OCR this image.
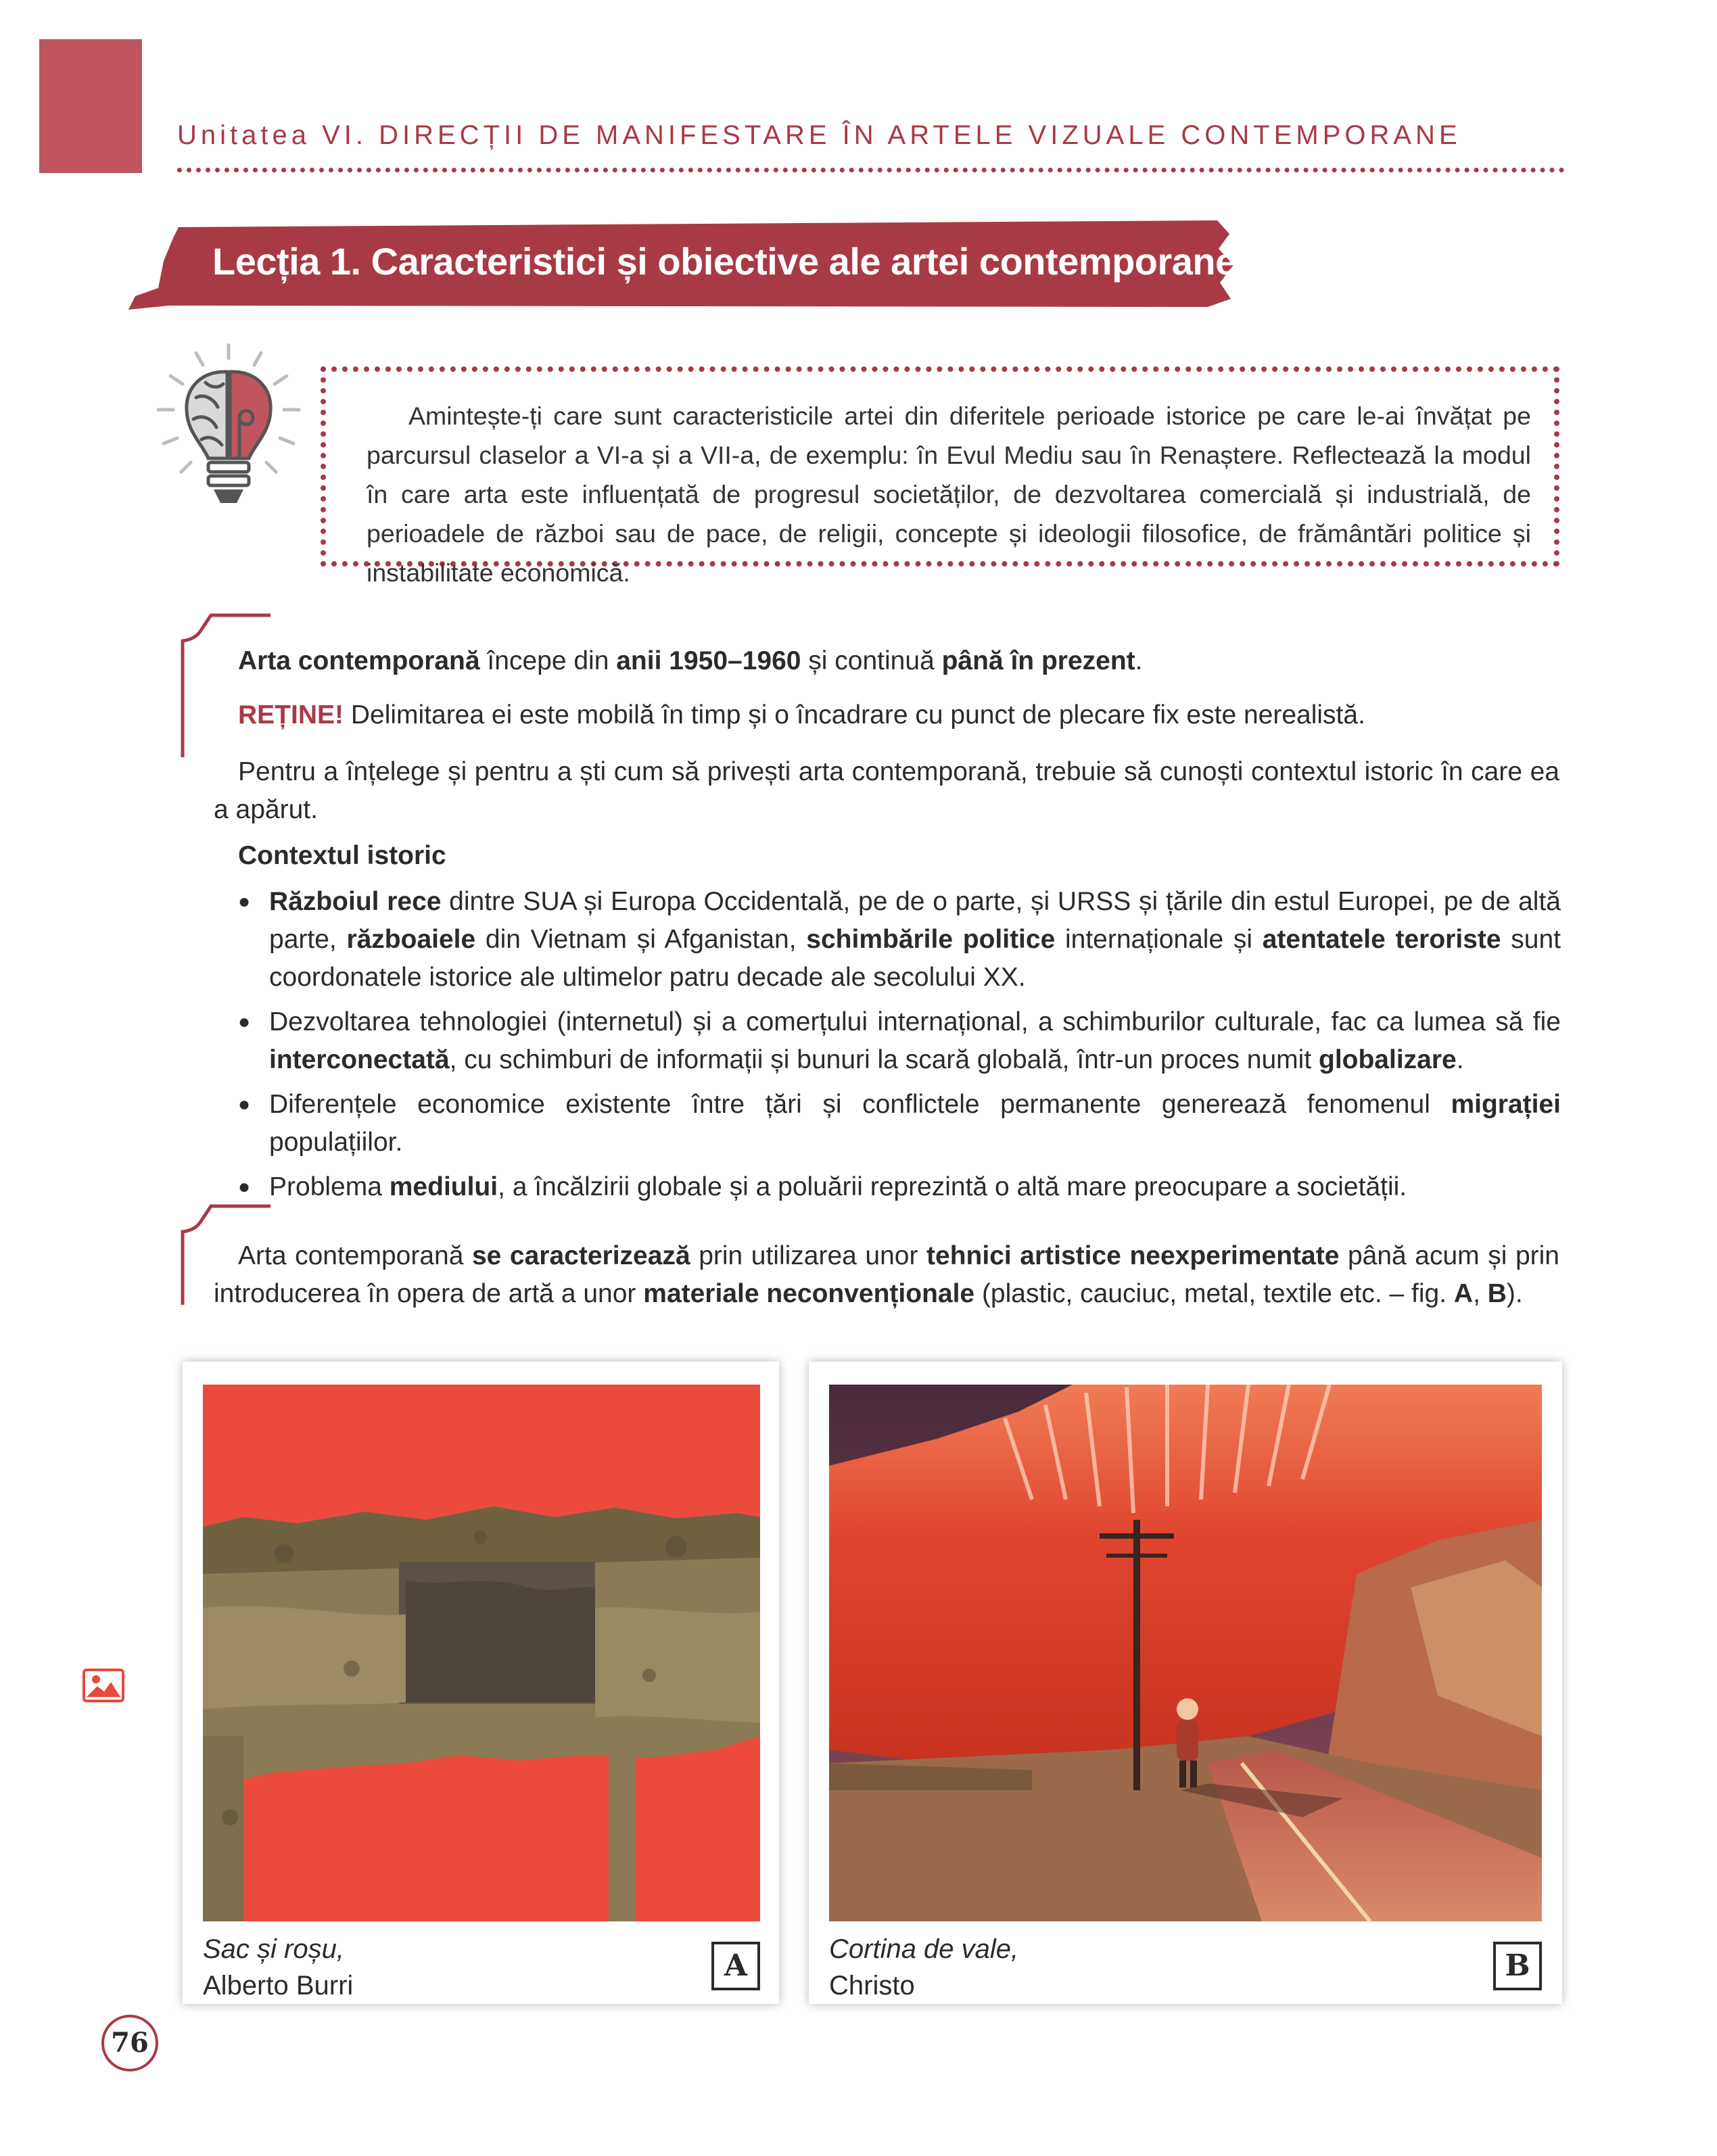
Unitatea VI. DIRECȚII DE MANIFESTARE ÎN ARTELE VIZUALE CONTEMPORANE
Lecția 1. Caracteristici și obiective ale artei contemporane
Amintește-ți care sunt caracteristicile artei din diferitele perioade istorice pe care le-ai învățat pe parcursul claselor a VI-a și a VII-a, de exemplu: în Evul Mediu sau în Renaștere. Reflectează la modul în care arta este influențată de progresul societăților, de dezvoltarea comercială și industrială, de perioadele de război sau de pace, de religii, concepte și ideologii filosofice, de frământări politice și instabilitate economică.
Arta contemporană începe din anii 1950–1960 și continuă până în prezent.
REȚINE! Delimitarea ei este mobilă în timp și o încadrare cu punct de plecare fix este nerealistă.
Pentru a înțelege și pentru a ști cum să privești arta contemporană, trebuie să cunoști contextul istoric în care ea a apărut.
Contextul istoric
● Războiul rece dintre SUA și Europa Occidentală, pe de o parte, și URSS și țările din estul Europei, pe de altă parte, războaiele din Vietnam și Afganistan, schimbările politice internaționale și atentatele teroriste sunt coordonatele istorice ale ultimelor patru decade ale secolului XX.
● Dezvoltarea tehnologiei (internetul) și a comerțului internațional, a schimburilor culturale, fac ca lumea să fie interconectată, cu schimburi de informații și bunuri la scară globală, într-un proces numit globalizare.
● Diferențele economice existente între țări și conflictele permanente generează fenomenul migrației populațiilor.
● Problema mediului, a încălzirii globale și a poluării reprezintă o altă mare preocupare a societății.
Arta contemporană se caracterizează prin utilizarea unor tehnici artistice neexperimentate până acum și prin introducerea în opera de artă a unor materiale neconvenționale (plastic, cauciuc, metal, textile etc. – fig. A, B).
Sac și roșu,
Alberto Burri
A	Cortina de vale,
Christo
B
76
